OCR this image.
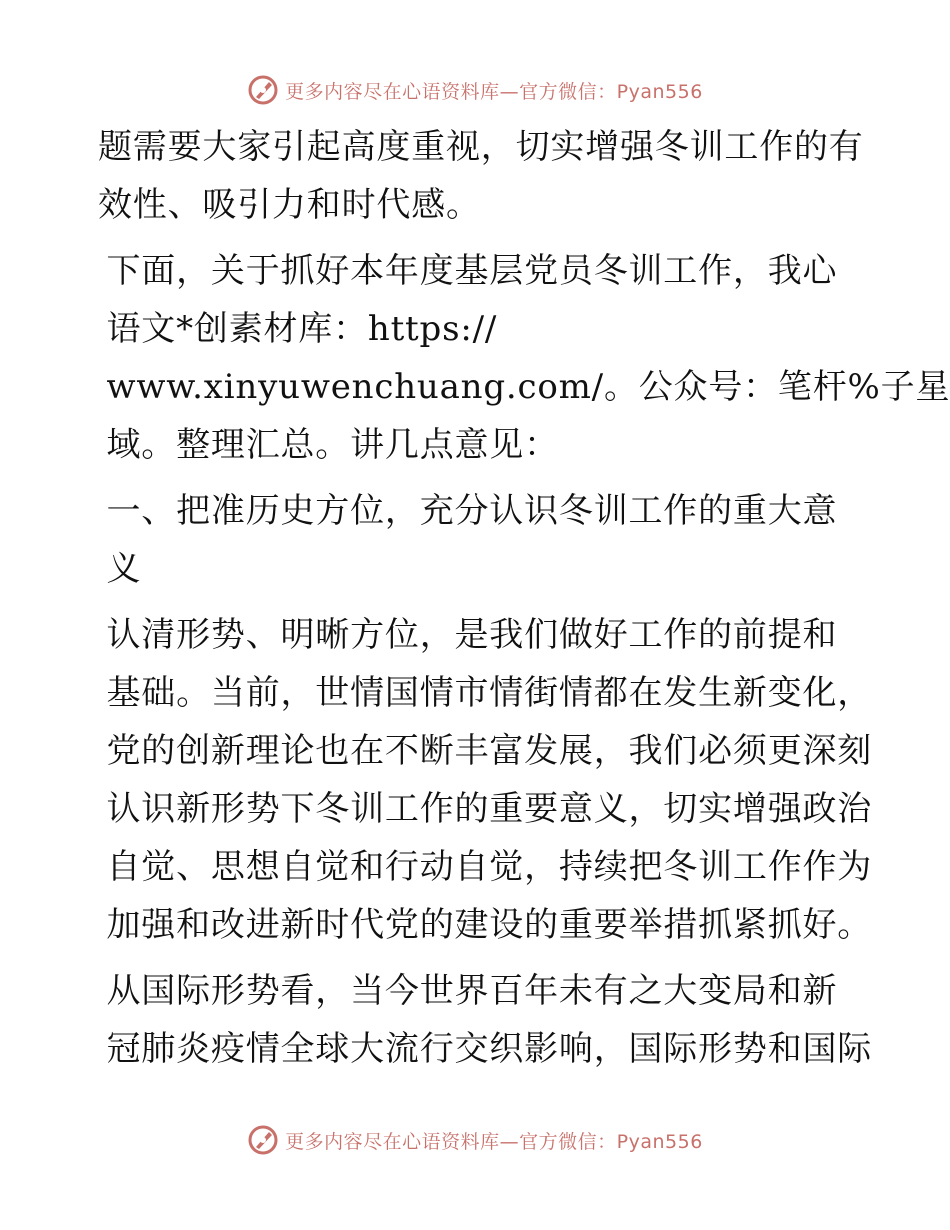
更多内容尽在心语资料库—官方微信：Pyan556

题需要大家引起高度重视，切实增强冬训工作的有
效性、吸引力和时代感。

下面，关于抓好本年度基层党员冬训工作，我心
语文*创素材库：https://
www.xinyuwenchuang.com/。公众号：笔杆%子星
域。整理汇总。讲几点意见：

一、把准历史方位，充分认识冬训工作的重大意
义

认清形势、明晰方位，是我们做好工作的前提和
基础。当前，世情国情市情街情都在发生新变化，
党的创新理论也在不断丰富发展，我们必须更深刻
认识新形势下冬训工作的重要意义，切实增强政治
自觉、思想自觉和行动自觉，持续把冬训工作作为
加强和改进新时代党的建设的重要举措抓紧抓好。

从国际形势看，当今世界百年未有之大变局和新
冠肺炎疫情全球大流行交织影响，国际形势和国际

更多内容尽在心语资料库—官方微信：Pyan556
